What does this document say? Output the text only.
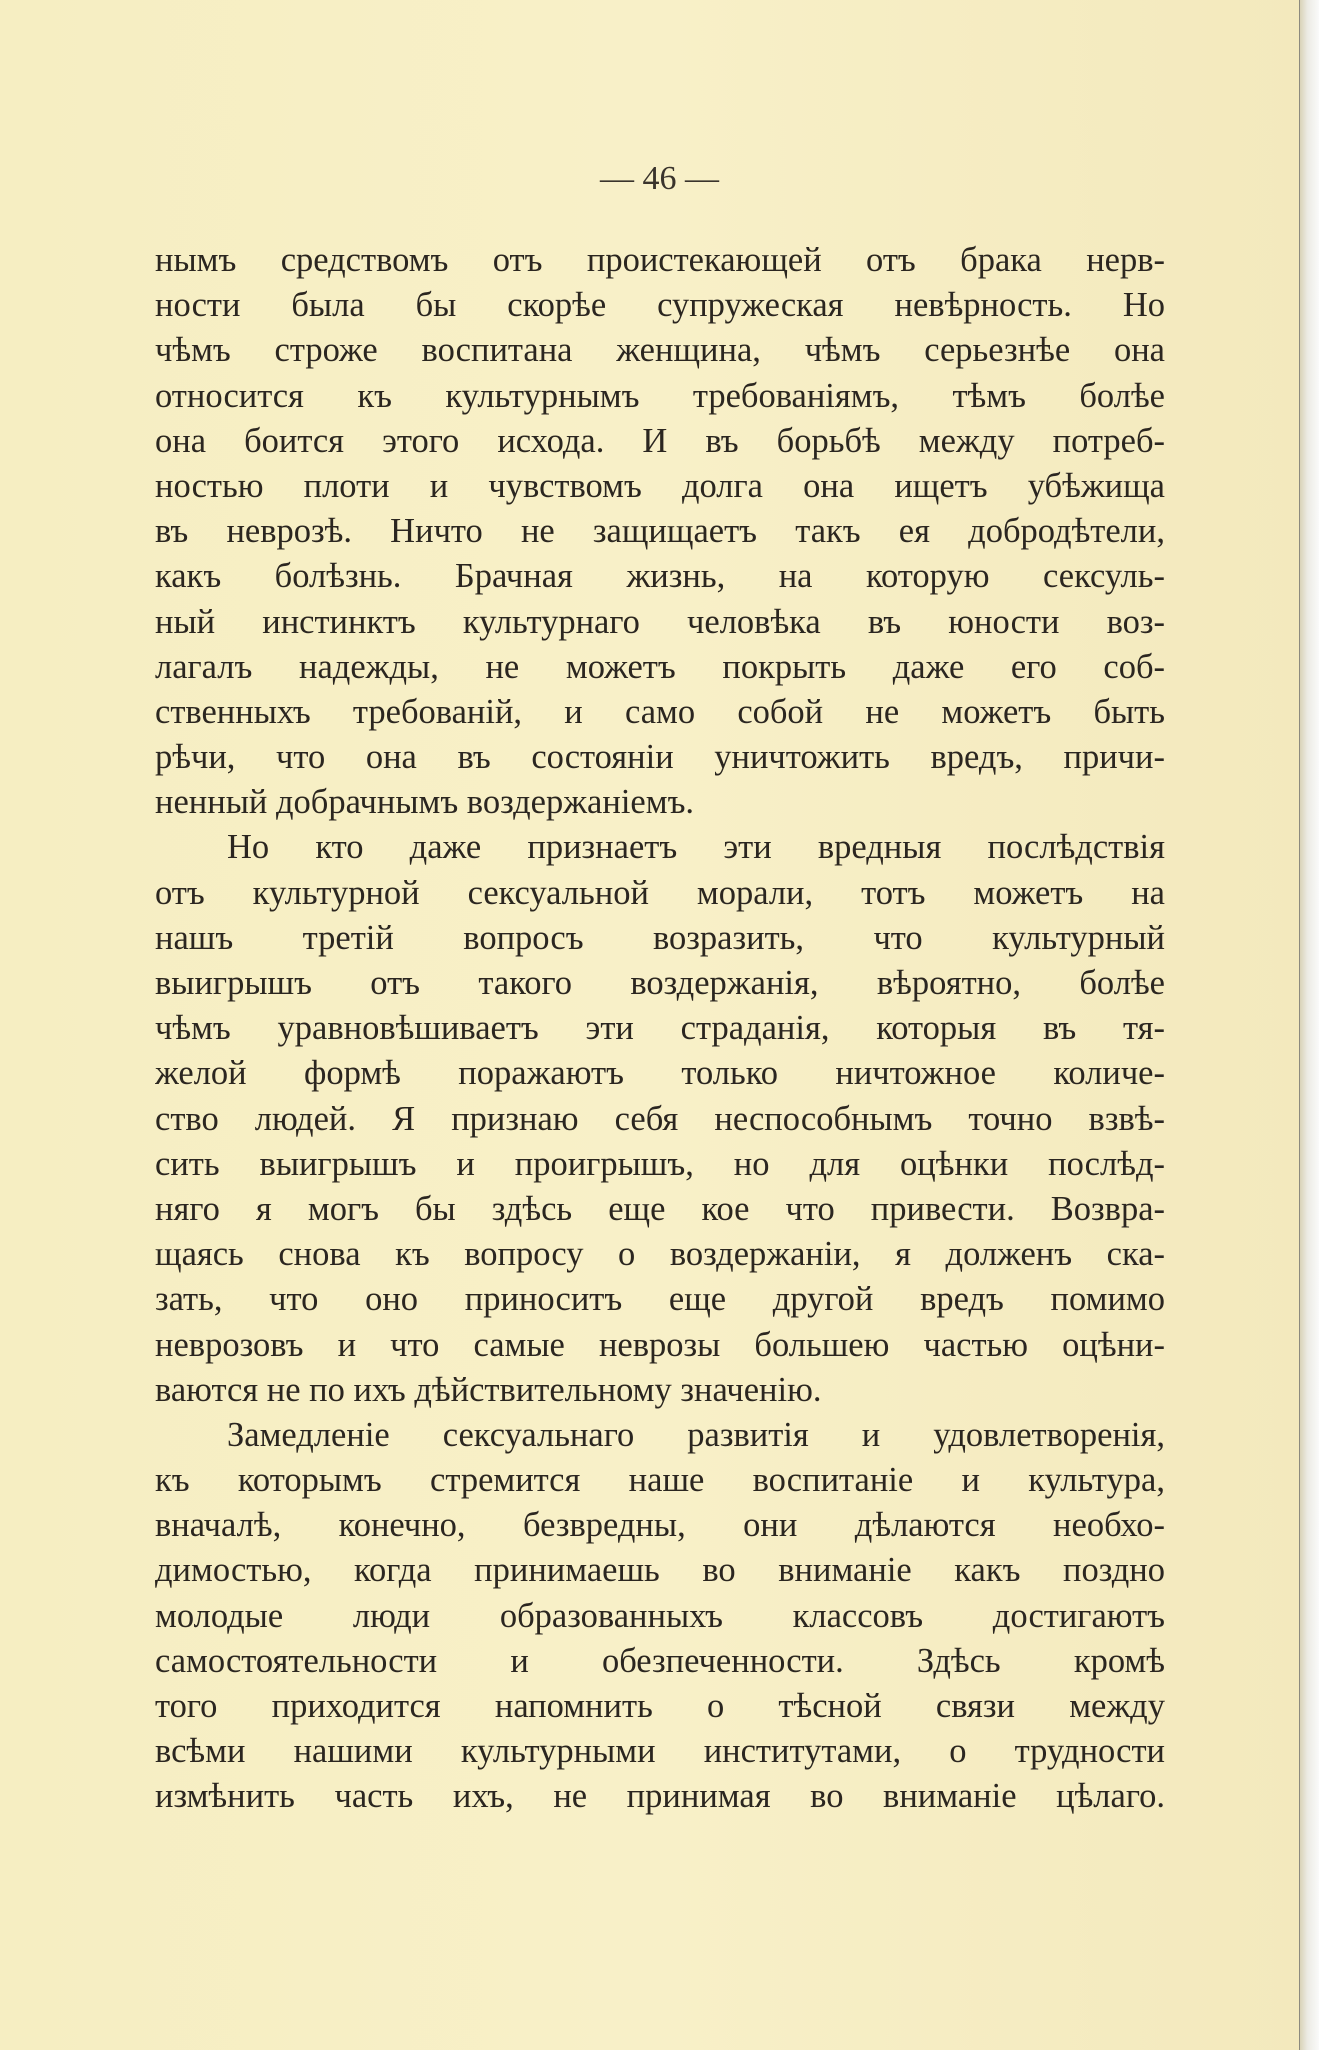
— 46 —
нымъ средствомъ отъ проистекающей отъ брака нерв-
ности была бы скорѣе супружеская невѣрность. Но
чѣмъ строже воспитана женщина, чѣмъ серьезнѣе она
относится къ культурнымъ требованіямъ, тѣмъ болѣе
она боится этого исхода. И въ борьбѣ между потреб-
ностью плоти и чувствомъ долга она ищетъ убѣжища
въ неврозѣ. Ничто не защищаетъ такъ ея добродѣтели,
какъ болѣзнь. Брачная жизнь, на которую сексуль-
ный инстинктъ культурнаго человѣка въ юности воз-
лагалъ надежды, не можетъ покрыть даже его соб-
ственныхъ требованій, и само собой не можетъ быть
рѣчи, что она въ состояніи уничтожить вредъ, причи-
ненный добрачнымъ воздержаніемъ.
Но кто даже признаетъ эти вредныя послѣдствія
отъ культурной сексуальной морали, тотъ можетъ на
нашъ третій вопросъ возразить, что культурный
выигрышъ отъ такого воздержанія, вѣроятно, болѣе
чѣмъ уравновѣшиваетъ эти страданія, которыя въ тя-
желой формѣ поражаютъ только ничтожное количе-
ство людей. Я признаю себя неспособнымъ точно взвѣ-
сить выигрышъ и проигрышъ, но для оцѣнки послѣд-
няго я могъ бы здѣсь еще кое что привести. Возвра-
щаясь снова къ вопросу о воздержаніи, я долженъ ска-
зать, что оно приноситъ еще другой вредъ помимо
неврозовъ и что самые неврозы большею частью оцѣни-
ваются не по ихъ дѣйствительному значенію.
Замедленіе сексуальнаго развитія и удовлетворенія,
къ которымъ стремится наше воспитаніе и культура,
вначалѣ, конечно, безвредны, они дѣлаются необхо-
димостью, когда принимаешь во вниманіе какъ поздно
молодые люди образованныхъ классовъ достигаютъ
самостоятельности и обезпеченности. Здѣсь кромѣ
того приходится напомнить о тѣсной связи между
всѣми нашими культурными институтами, о трудности
измѣнить часть ихъ, не принимая во вниманіе цѣлаго.
